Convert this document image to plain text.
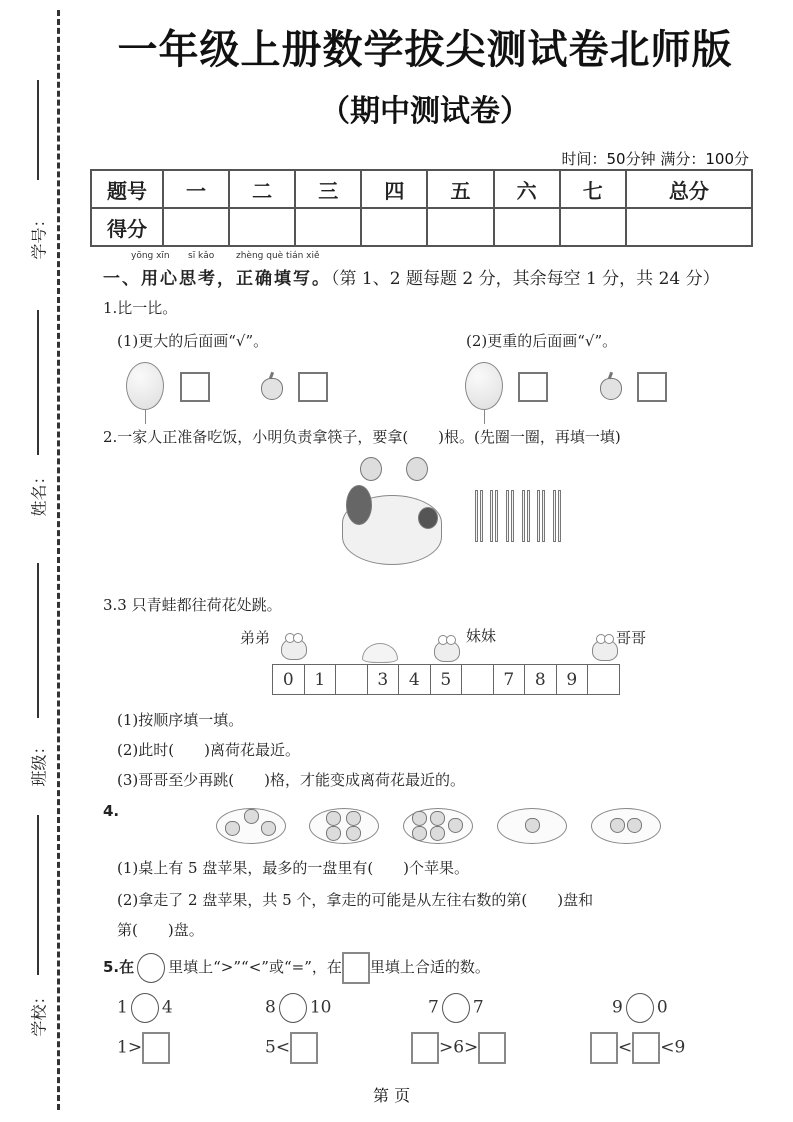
学号：
姓名：
班级：
学校：
一年级上册数学拔尖测试卷北师版
（期中测试卷）
时间：50分钟 满分：100分
题号	一	二	三	四	五	六	七	总分
得分								
yōng xīn sī kǎo zhèng què tián xiě
一、用心思考，正确填写。（第 1、2 题每题 2 分，其余每空 1 分，共 24 分）
1.比一比。
(1)更大的后面画“√”。	(2)更重的后面画“√”。
2.一家人正准备吃饭，小明负责拿筷子，要拿(　　)根。(先圈一圈，再填一填)
3.3 只青蛙都往荷花处跳。
弟弟	妹妹	哥哥
0	1		3	4	5		7	8	9	
(1)按顺序填一填。
(2)此时(　　)离荷花最近。
(3)哥哥至少再跳(　　)格，才能变成离荷花最近的。
4.
(1)桌上有 5 盘苹果，最多的一盘里有(　　)个苹果。
(2)拿走了 2 盘苹果，共 5 个，拿走的可能是从左往右数的第(　　)盘和
第(　　)盘。
5.在 里填上“>”“<”或“=”，在 里填上合适的数。
1 4	8 10	7 7	9 0
1>	5<	>6>	< <9
第 页
